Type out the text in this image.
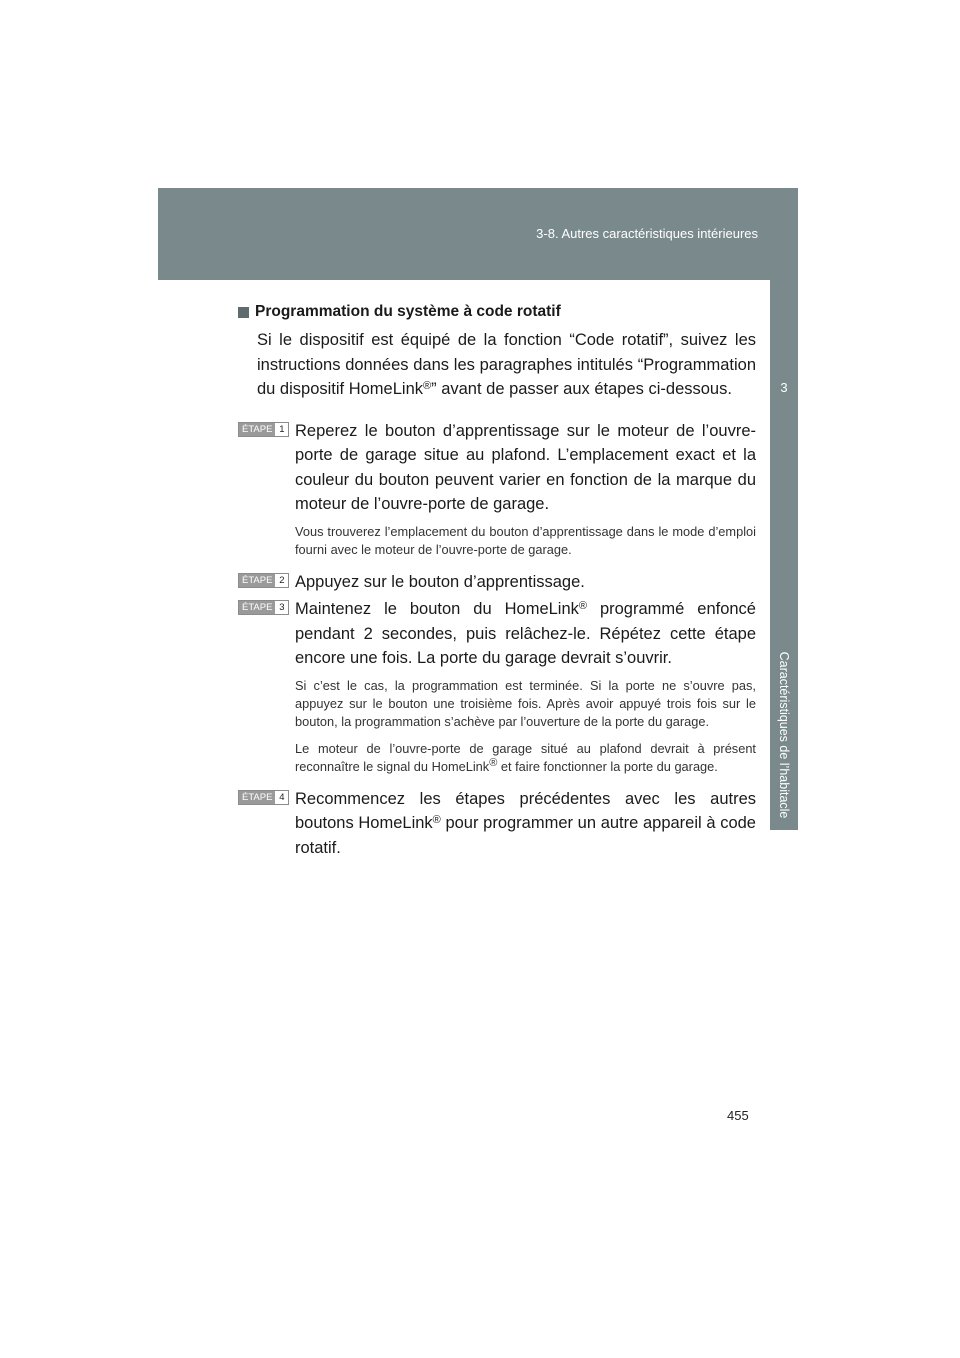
3-8. Autres caractéristiques intérieures
3
Caractéristiques de l’habitacle
Programmation du système à code rotatif
Si le dispositif est équipé de la fonction “Code rotatif”, suivez les instructions données dans les paragraphes intitulés “Programmation du dispositif HomeLink®” avant de passer aux étapes ci-dessous.
ÉTAPE 1 Reperez le bouton d’apprentissage sur le moteur de l’ouvre-porte de garage situe au plafond. L’emplacement exact et la couleur du bouton peuvent varier en fonction de la marque du moteur de l’ouvre-porte de garage.
Vous trouverez l’emplacement du bouton d’apprentissage dans le mode d’emploi fourni avec le moteur de l’ouvre-porte de garage.
ÉTAPE 2 Appuyez sur le bouton d’apprentissage.
ÉTAPE 3 Maintenez le bouton du HomeLink® programmé enfoncé pendant 2 secondes, puis relâchez-le. Répétez cette étape encore une fois. La porte du garage devrait s’ouvrir.
Si c’est le cas, la programmation est terminée. Si la porte ne s’ouvre pas, appuyez sur le bouton une troisième fois. Après avoir appuyé trois fois sur le bouton, la programmation s’achève par l’ouverture de la porte du garage.
Le moteur de l’ouvre-porte de garage situé au plafond devrait à présent reconnaître le signal du HomeLink® et faire fonctionner la porte du garage.
ÉTAPE 4 Recommencez les étapes précédentes avec les autres boutons HomeLink® pour programmer un autre appareil à code rotatif.
455
